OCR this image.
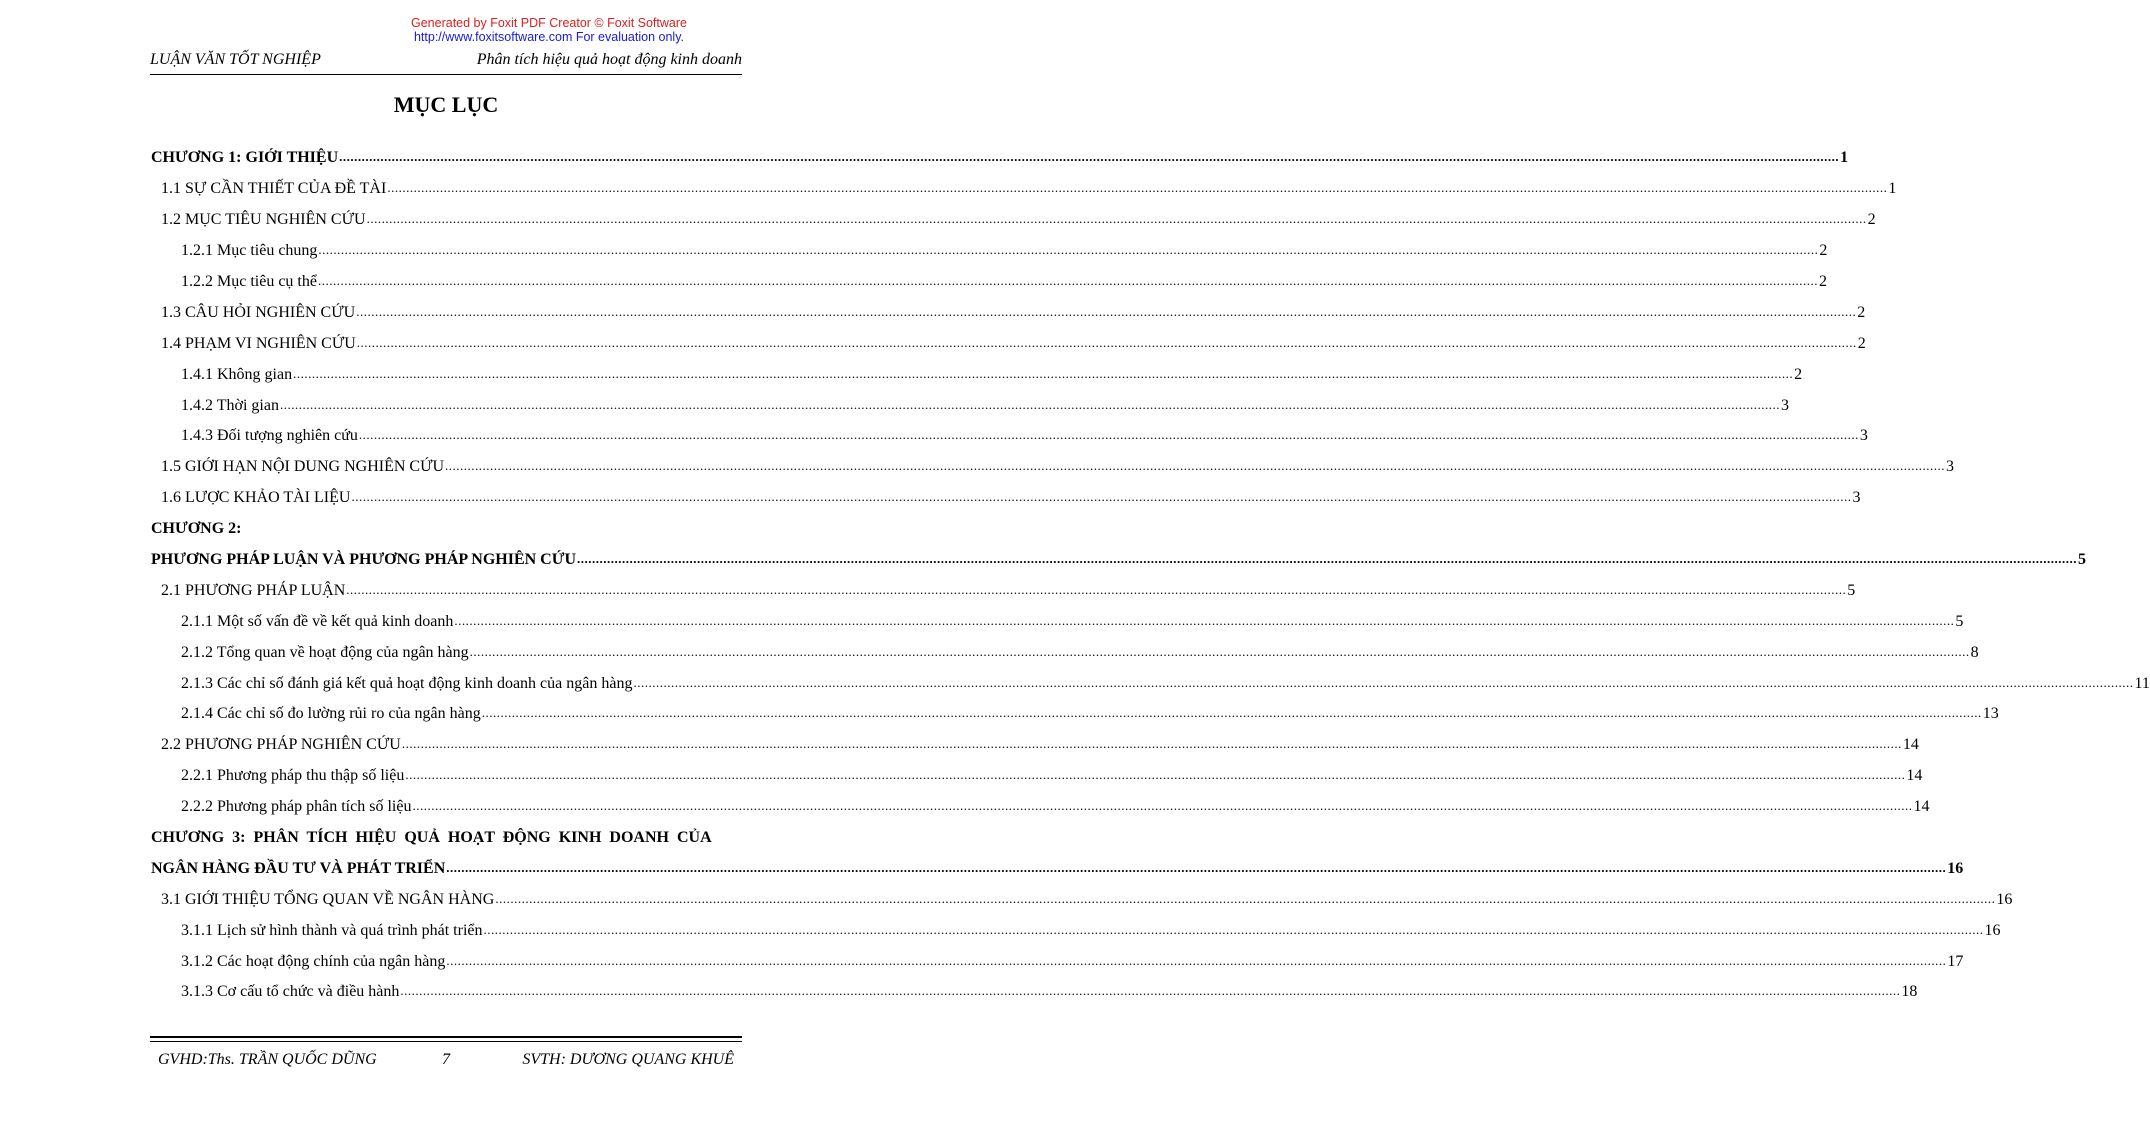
Generated by Foxit PDF Creator © Foxit Software
http://www.foxitsoftware.com For evaluation only.
LUẬN VĂN TỐT NGHIỆP	Phân tích hiệu quả hoạt động kinh doanh
MỤC LỤC
CHƯƠNG 1: GIỚI THIỆU ................................................................................................................................................................................................................................................................................................................................................................................................................ 1
1.1 SỰ CẦN THIẾT CỦA ĐỀ TÀI ................................................................................................................................................................................................................................................................................................................................................................................................................ 1
1.2 MỤC TIÊU NGHIÊN CỨU ................................................................................................................................................................................................................................................................................................................................................................................................................ 2
1.2.1 Mục tiêu chung ................................................................................................................................................................................................................................................................................................................................................................................................................ 2
1.2.2 Mục tiêu cụ thể ................................................................................................................................................................................................................................................................................................................................................................................................................ 2
1.3 CÂU HỎI NGHIÊN CỨU ................................................................................................................................................................................................................................................................................................................................................................................................................ 2
1.4 PHẠM VI NGHIÊN CỨU ................................................................................................................................................................................................................................................................................................................................................................................................................ 2
1.4.1 Không gian ................................................................................................................................................................................................................................................................................................................................................................................................................ 2
1.4.2 Thời gian ................................................................................................................................................................................................................................................................................................................................................................................................................ 3
1.4.3 Đối tượng nghiên cứu ................................................................................................................................................................................................................................................................................................................................................................................................................ 3
1.5 GIỚI HẠN NỘI DUNG NGHIÊN CỨU ................................................................................................................................................................................................................................................................................................................................................................................................................ 3
1.6 LƯỢC KHẢO TÀI LIỆU ................................................................................................................................................................................................................................................................................................................................................................................................................ 3
CHƯƠNG 2:
PHƯƠNG PHÁP LUẬN VÀ PHƯƠNG PHÁP NGHIÊN CỨU ................................................................................................................................................................................................................................................................................................................................................................................................................ 5
2.1 PHƯƠNG PHÁP LUẬN ................................................................................................................................................................................................................................................................................................................................................................................................................ 5
2.1.1 Một số vấn đề về kết quả kinh doanh ................................................................................................................................................................................................................................................................................................................................................................................................................ 5
2.1.2 Tổng quan về hoạt động của ngân hàng ................................................................................................................................................................................................................................................................................................................................................................................................................ 8
2.1.3 Các chỉ số đánh giá kết quả hoạt động kinh doanh của ngân hàng ................................................................................................................................................................................................................................................................................................................................................................................................................ 11
2.1.4 Các chỉ số đo lường rủi ro của ngân hàng ................................................................................................................................................................................................................................................................................................................................................................................................................ 13
2.2 PHƯƠNG PHÁP NGHIÊN CỨU ................................................................................................................................................................................................................................................................................................................................................................................................................ 14
2.2.1 Phương pháp thu thập số liệu ................................................................................................................................................................................................................................................................................................................................................................................................................ 14
2.2.2 Phương pháp phân tích số liệu ................................................................................................................................................................................................................................................................................................................................................................................................................ 14
CHƯƠNG 3: PHÂN TÍCH HIỆU QUẢ HOẠT ĐỘNG KINH DOANH CỦA
NGÂN HÀNG ĐẦU TƯ VÀ PHÁT TRIỂN ................................................................................................................................................................................................................................................................................................................................................................................................................ 16
3.1 GIỚI THIỆU TỔNG QUAN VỀ NGÂN HÀNG ................................................................................................................................................................................................................................................................................................................................................................................................................ 16
3.1.1 Lịch sử hình thành và quá trình phát triển ................................................................................................................................................................................................................................................................................................................................................................................................................ 16
3.1.2 Các hoạt động chính của ngân hàng ................................................................................................................................................................................................................................................................................................................................................................................................................ 17
3.1.3 Cơ cấu tổ chức và điều hành ................................................................................................................................................................................................................................................................................................................................................................................................................ 18
GVHD:Ths. TRẦN QUỐC DŨNG	7	SVTH: DƯƠNG QUANG KHUÊ
